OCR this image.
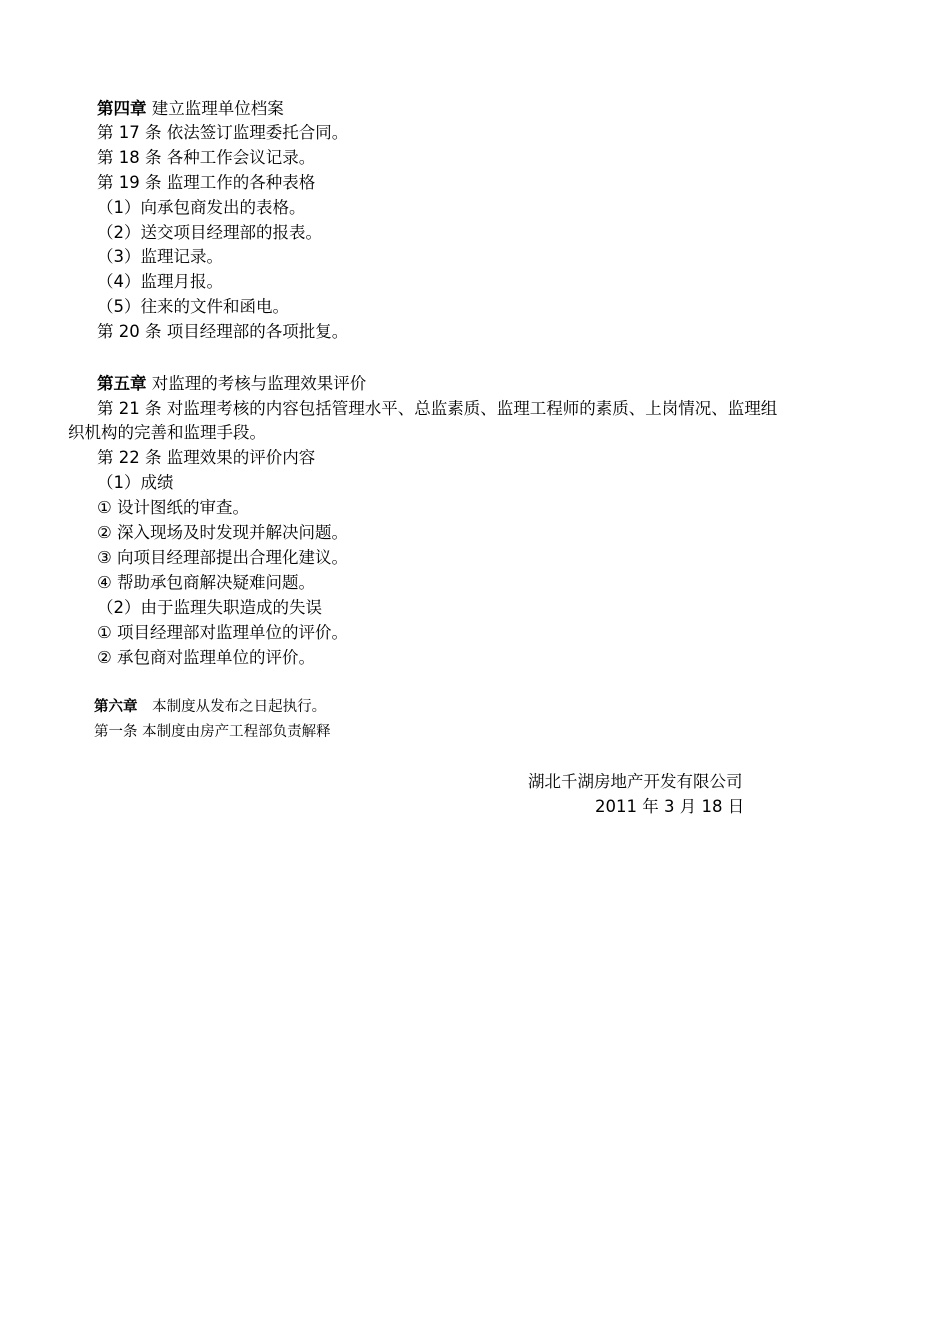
第四章 建立监理单位档案
第 17 条 依法签订监理委托合同。
第 18 条 各种工作会议记录。
第 19 条 监理工作的各种表格
（1）向承包商发出的表格。
（2）送交项目经理部的报表。
（3）监理记录。
（4）监理月报。
（5）往来的文件和函电。
第 20 条 项目经理部的各项批复。
第五章 对监理的考核与监理效果评价
第 21 条 对监理考核的内容包括管理水平、总监素质、监理工程师的素质、上岗情况、监理组
织机构的完善和监理手段。
第 22 条 监理效果的评价内容
（1）成绩
① 设计图纸的审查。
② 深入现场及时发现并解决问题。
③ 向项目经理部提出合理化建议。
④ 帮助承包商解决疑难问题。
（2）由于监理失职造成的失误
① 项目经理部对监理单位的评价。
② 承包商对监理单位的评价。
第六章 本制度从发布之日起执行。
第一条 本制度由房产工程部负责解释
湖北千湖房地产开发有限公司
2011 年 3 月 18 日
